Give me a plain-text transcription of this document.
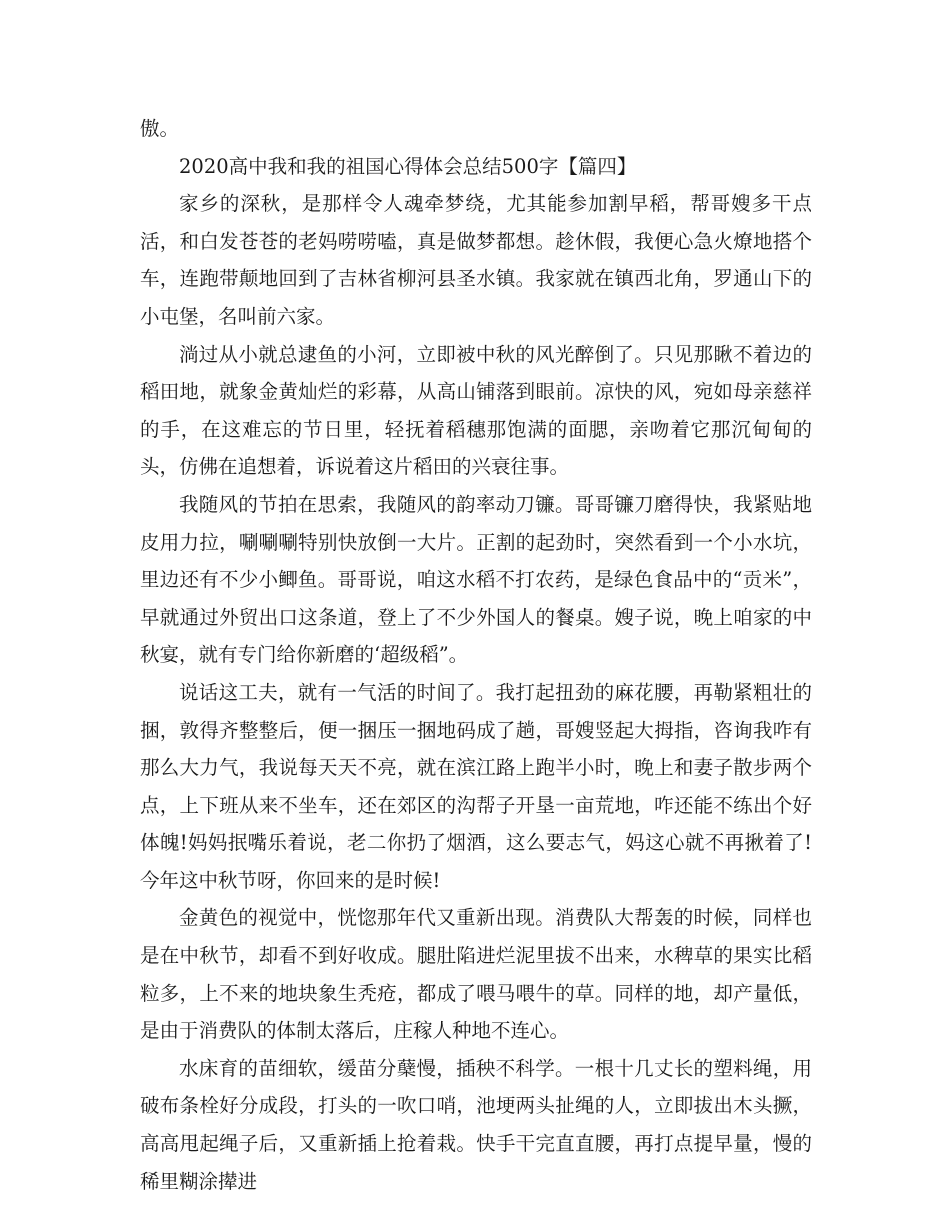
傲。

2020高中我和我的祖国心得体会总结500字【篇四】

家乡的深秋，是那样令人魂牵梦绕，尤其能参加割早稻，帮哥嫂多干点活，和白发苍苍的老妈唠唠嗑，真是做梦都想。趁休假，我便心急火燎地搭个车，连跑带颠地回到了吉林省柳河县圣水镇。我家就在镇西北角，罗通山下的小屯堡，名叫前六家。

淌过从小就总逮鱼的小河，立即被中秋的风光醉倒了。只见那瞅不着边的稻田地，就象金黄灿烂的彩幕，从高山铺落到眼前。凉快的风，宛如母亲慈祥的手，在这难忘的节日里，轻抚着稻穗那饱满的面腮，亲吻着它那沉甸甸的头，仿佛在追想着，诉说着这片稻田的兴衰往事。

我随风的节拍在思索，我随风的韵率动刀镰。哥哥镰刀磨得快，我紧贴地皮用力拉，唰唰唰特别快放倒一大片。正割的起劲时，突然看到一个小水坑，里边还有不少小鲫鱼。哥哥说，咱这水稻不打农药，是绿色食品中的“贡米”，早就通过外贸出口这条道，登上了不少外国人的餐桌。嫂子说，晚上咱家的中秋宴，就有专门给你新磨的‘超级稻”。

说话这工夫，就有一气活的时间了。我打起扭劲的麻花腰，再勒紧粗壮的捆，敦得齐整整后，便一捆压一捆地码成了趟，哥嫂竖起大拇指，咨询我咋有那么大力气，我说每天天不亮，就在滨江路上跑半小时，晚上和妻子散步两个点，上下班从来不坐车，还在郊区的沟帮子开垦一亩荒地，咋还能不练出个好体魄!妈妈抿嘴乐着说，老二你扔了烟酒，这么要志气，妈这心就不再揪着了!今年这中秋节呀，你回来的是时候!

金黄色的视觉中，恍惚那年代又重新出现。消费队大帮轰的时候，同样也是在中秋节，却看不到好收成。腿肚陷进烂泥里拔不出来，水稗草的果实比稻粒多，上不来的地块象生秃疮，都成了喂马喂牛的草。同样的地，却产量低，是由于消费队的体制太落后，庄稼人种地不连心。

水床育的苗细软，缓苗分蘖慢，插秧不科学。一根十几丈长的塑料绳，用破布条栓好分成段，打头的一吹口哨，池埂两头扯绳的人，立即拔出木头撅，高高甩起绳子后，又重新插上抢着栽。快手干完直直腰，再打点提早量，慢的稀里糊涂撵进
